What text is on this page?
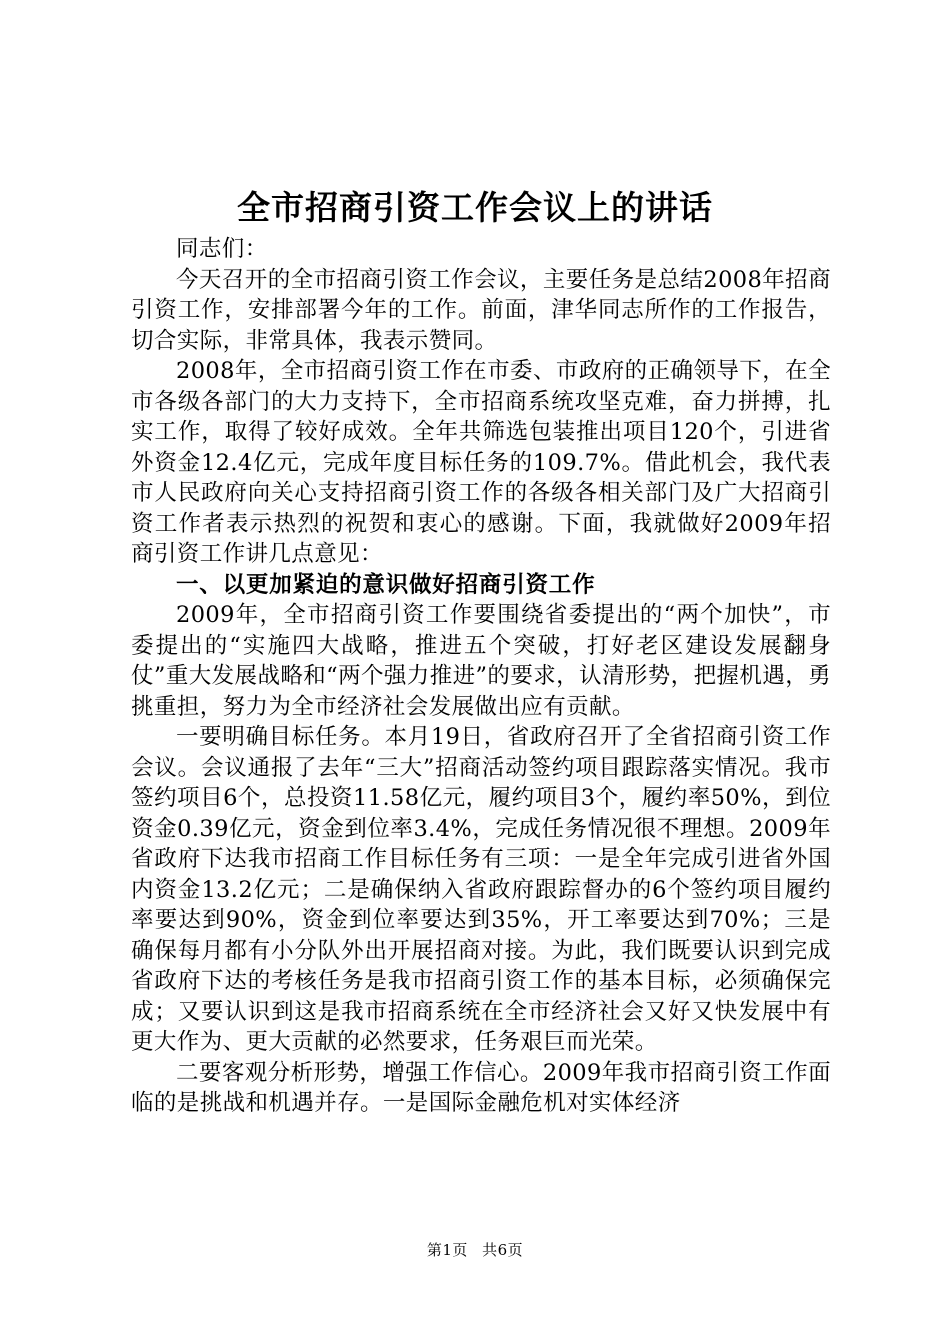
全市招商引资工作会议上的讲话

同志们：

今天召开的全市招商引资工作会议，主要任务是总结2008年招商引资工作，安排部署今年的工作。前面，津华同志所作的工作报告，切合实际，非常具体，我表示赞同。

2008年，全市招商引资工作在市委、市政府的正确领导下，在全市各级各部门的大力支持下，全市招商系统攻坚克难，奋力拼搏，扎实工作，取得了较好成效。全年共筛选包装推出项目120个，引进省外资金12.4亿元，完成年度目标任务的109.7%。借此机会，我代表市人民政府向关心支持招商引资工作的各级各相关部门及广大招商引资工作者表示热烈的祝贺和衷心的感谢。下面，我就做好2009年招商引资工作讲几点意见：

一、以更加紧迫的意识做好招商引资工作

2009年，全市招商引资工作要围绕省委提出的“两个加快”，市委提出的“实施四大战略，推进五个突破，打好老区建设发展翻身仗”重大发展战略和“两个强力推进”的要求，认清形势，把握机遇，勇挑重担，努力为全市经济社会发展做出应有贡献。

一要明确目标任务。本月19日，省政府召开了全省招商引资工作会议。会议通报了去年“三大”招商活动签约项目跟踪落实情况。我市签约项目6个，总投资11.58亿元，履约项目3个，履约率50%，到位资金0.39亿元，资金到位率3.4%，完成任务情况很不理想。2009年省政府下达我市招商工作目标任务有三项：一是全年完成引进省外国内资金13.2亿元；二是确保纳入省政府跟踪督办的6个签约项目履约率要达到90%，资金到位率要达到35%，开工率要达到70%；三是确保每月都有小分队外出开展招商对接。为此，我们既要认识到完成省政府下达的考核任务是我市招商引资工作的基本目标，必须确保完成；又要认识到这是我市招商系统在全市经济社会又好又快发展中有更大作为、更大贡献的必然要求，任务艰巨而光荣。

二要客观分析形势，增强工作信心。2009年我市招商引资工作面临的是挑战和机遇并存。一是国际金融危机对实体经济

第1页 共6页
